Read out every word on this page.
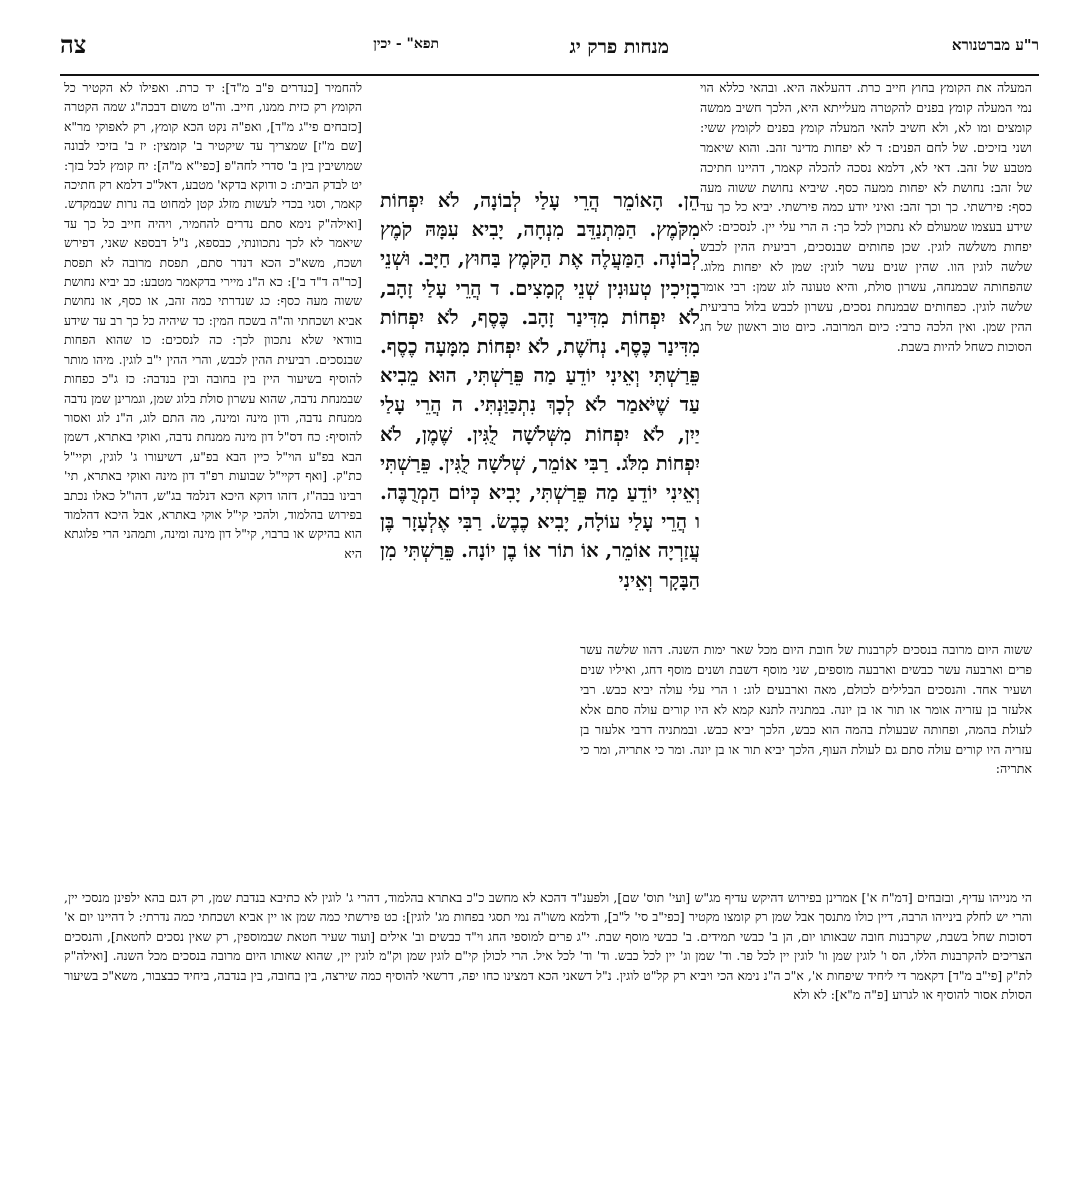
ר"ע מברטנורא
מנחות פרק יג
תפא" - יכין
צה

המעלה את הקומץ בחוץ חייב כרת. דהעלאה היא. ובהאי כללא הוי נמי המעלה קומץ בפנים להקטרה מעלייתא היא, הלכך חשיב ממשה קומצים ומו לא, ולא חשיב להאי המעלה קומץ בפנים לקומץ ששי: ושני בזיכים. של לחם הפנים: ד לא יפחות מדינר זהב. והוא שיאמר מטבע של זהב. דאי לא, דלמא נסכה להכלה קאמר, דהיינו חתיכה של זהב: נחושת לא יפחות ממעה כסף. שיביא נחושת ששוה מעה כסף: פירשתי. כך וכך זהב: ואיני יודע כמה פירשתי. יביא כל כך עד שידע בעצמו שמעולם לא נתכוין לכל כך: ה הרי עלי יין. לנסכים: לא יפחות משלשה לוגין. שכן פחותים שבנסכים, רביעית ההין לכבש שלשה לוגין הוו. שהין שנים עשר לוגין: שמן לא יפחות מלוג. שהפחותה שבמנחה, עשרון סולת, והיא טעונה לוג שמן: רבי אומר שלשה לוגין. כפחותים שבמנחת נסכים, עשרון לכבש בלול ברביעית ההין שמן. ואין הלכה כרבי: כיום המרובה. כיום טוב ראשון של חג הסוכות כשחל להיות בשבת.

הֵן. הָאוֹמֵר הֲרֵי עָלַי לְבוֹנָה, לֹא יִפְחוֹת מִקֹּמֶץ. הַמִּתְנַדֵּב מִנְחָה, יָבִיא עִמָּהּ קֹמֶץ לְבוֹנָה. הַמַּעֲלֶה אֶת הַקֹּמֶץ בַּחוּץ, חַיָּב. וּשְׁנֵי בָזִיכִין טְעוּנִין שְׁנֵי קְמָצִים. ד הֲרֵי עָלַי זָהָב, לֹא יִפְחוֹת מִדִּינַר זָהָב. כֶּסֶף, לֹא יִפְחוֹת מִדִּינַר כֶּסֶף. נְחֹשֶׁת, לֹא יִפְחוֹת מִמָּעָה כֶסֶף. פֵּרַשְׁתִּי וְאֵינִי יוֹדֵעַ מַה פֵּרַשְׁתִּי, הוּא מֵבִיא עַד שֶׁיֹּאמַר לֹא לְכָךְ נִתְכַּוַּנְתִּי. ה הֲרֵי עָלַי יַיִן, לֹא יִפְחוֹת מִשְּׁלֹשָׁה לֻגִּין. שֶׁמֶן, לֹא יִפְחוֹת מִלֹּג. רַבִּי אוֹמֵר, שְׁלֹשָׁה לֻגִּין. פֵּרַשְׁתִּי וְאֵינִי יוֹדֵעַ מַה פֵּרַשְׁתִּי, יָבִיא כְּיוֹם הַמְרֻבֶּה. ו הֲרֵי עָלַי עוֹלָה, יָבִיא כֶבֶשׂ. רַבִּי אֶלְעָזָר בֶּן עֲזַרְיָה אוֹמֵר, אוֹ תוֹר אוֹ בֶן יוֹנָה. פֵּרַשְׁתִּי מִן הַבָּקָר וְאֵינִי

ששוה היום מרובה בנסכים לקרבנות של חובת היום מכל שאר ימות השנה. דהוו שלשה עשר פרים וארבעה עשר כבשים וארבעה מוספים, שני מוסף דשבת ושנים מוסף דחג, ואיליו שנים ושעיר אחד. והנסכים הבלילים לכולם, מאה וארבעים לוג: ו הרי עלי עולה יביא כבש. רבי אלעזר בן עזריה אומר או תור או בן יונה. במתניה לתנא קמא לא היו קורים עולה סתם אלא לעולת בהמה, ופחותה שבעולת בהמה הוא כבש, הלכך יביא כבש. ובמתניה דרבי אלעזר בן עזריה היו קורים עולה סתם גם לעולת העוף, הלכך יביא תור או בן יונה. ומר כי אתריה, ומר כי אתריה:

להחמיר [כנדרים פ"ב מ"ד]: יד כרת. ואפילו לא הקטיר כל הקומץ רק כזית ממנו, חייב. וה"ט משום דבכה"ג שמה הקטרה [כזבחים פי"ג מ"ד], ואפ"ה נקט הכא קומץ, רק לאפוקי מר"א [שם מ"ז] שמצריך עד שיקטיר ב' קומצין: יז ב' בזיכי לבונה שמושיבין בין ב' סדרי לחה"פ [כפי"א מ"ה]: יח קומץ לכל בזך: יט לבדק הבית: כ ודוקא בדקא' מטבע, דאל"כ דלמא רק חתיכה קאמר, וסגי בכדי לעשות מזלג קטן למחוט בה נרות שבמקדש. [ואילה"ק נימא סתם נדרים להחמיר, ויהיה חייב כל כך עד שיאמר לא לכך נתכוונתי, כבספא, נ"ל דבספא שאני, דפירש ושכח, משא"כ הכא דנדר סתם, תפסת מרובה לא תפסת [כר"ה ד"ד ב']: כא ה"נ מיירי בדקאמר מטבע: כב יביא נחושת ששוה מעה כסף: כג שנדרתי כמה זהב, או כסף, או נחושת אביא ושכחתי וה"ה בשכח המין: כד שיהיה כל כך רב עד שידע בוודאי שלא נתכוון לכך: כה לנסכים: כו שהוא הפחות שבנסכים. רביעית ההין לכבש, והרי ההין י"ב לוגין. מיהו מותר להוסיף בשיעור היין בין בחובה ובין בנדבה: כז ג"כ כפחות שבמנחת נדבה, שהוא עשרון סולת בלוג שמן, וגמרינן שמן נדבה ממנחת נדבה, ודון מינה ומינה, מה התם לוג, ה"נ לוג ואסור להוסיף: כח דס"ל דון מינה ממנחת נדבה, ואוקי באתרא, דשמן הבא בפ"ע הוי"ל כיין הבא בפ"ע, דשיעורו ג' לוגין, וקיי"ל כת"ק. [ואף דקיי"ל שבועות רפ"ד דון מינה ואוקי באתרא, תי' רבינו בבה"ז, דזהו דוקא היכא דנלמד בג"ש, דהו"ל כאלו נכתב בפירוש בהלמוד, ולהכי קי"ל אוקי באתרא, אבל היכא דהלמוד הוא בהיקש או ברבוי, קי"ל דון מינה ומינה, ותמהני הרי פלוגתא היא

הי מנייהו עדיף, ובזבחים [דמ"ח א'] אמרינן בפירוש דהיקש עדיף מג"ש [ועי' תוס' שם], ולפענ"ד דהכא לא מחשב כ"כ באתרא בהלמוד, דהרי ג' לוגין לא כתיבא בנדבת שמן, רק דגם בהא ילפינן מנסכי יין, והרי יש לחלק בינייהו הרבה, דיין כולו מתנסך אבל שמן רק קומצו מקטיר [כפי"ב סי' ל"ב], ודלמא משו"ה נמי תסגי בפחות מג' לוגין]: כט פירשתי כמה שמן או יין אביא ושכחתי כמה נדרתי: ל דהיינו יום א' דסוכות שחל בשבת, שקרבנות חובה שבאותו יום, הן ב' כבשי תמידים. ב' כבשי מוסף שבת. י"ג פרים למוספי החג וי"ד כבשים וב' אילים [ועוד שעיר חטאת שבמוספין, רק שאין נסכים לחטאת], והנסכים הצריכים להקרבנות הללו, הס ו' לוגין שמן וו' לוגין יין לכל פר. וד' שמן וג' יין לכל כבש. וד' וד' לכל איל. הרי לכולן קי"ם לוגין שמן וק"מ לוגין יין, שהוא שאותו היום מרובה בנסכים מכל השנה. [ואילה"ק לת"ק [פי"ב מ"ד] דקאמר די ליחיד שיפחות א', א"כ ה"נ נימא הכי ויביא רק קל"ט לוגין. נ"ל דשאני הכא דמצינו כחו יפה, דרשאי להוסיף כמה שירצה, בין בחובה, בין בנדבה, ביחיד כבצבור, משא"כ בשיעור הסולת אסור להוסיף או לגרוע [פ"ה מ"א]: לא ולא
